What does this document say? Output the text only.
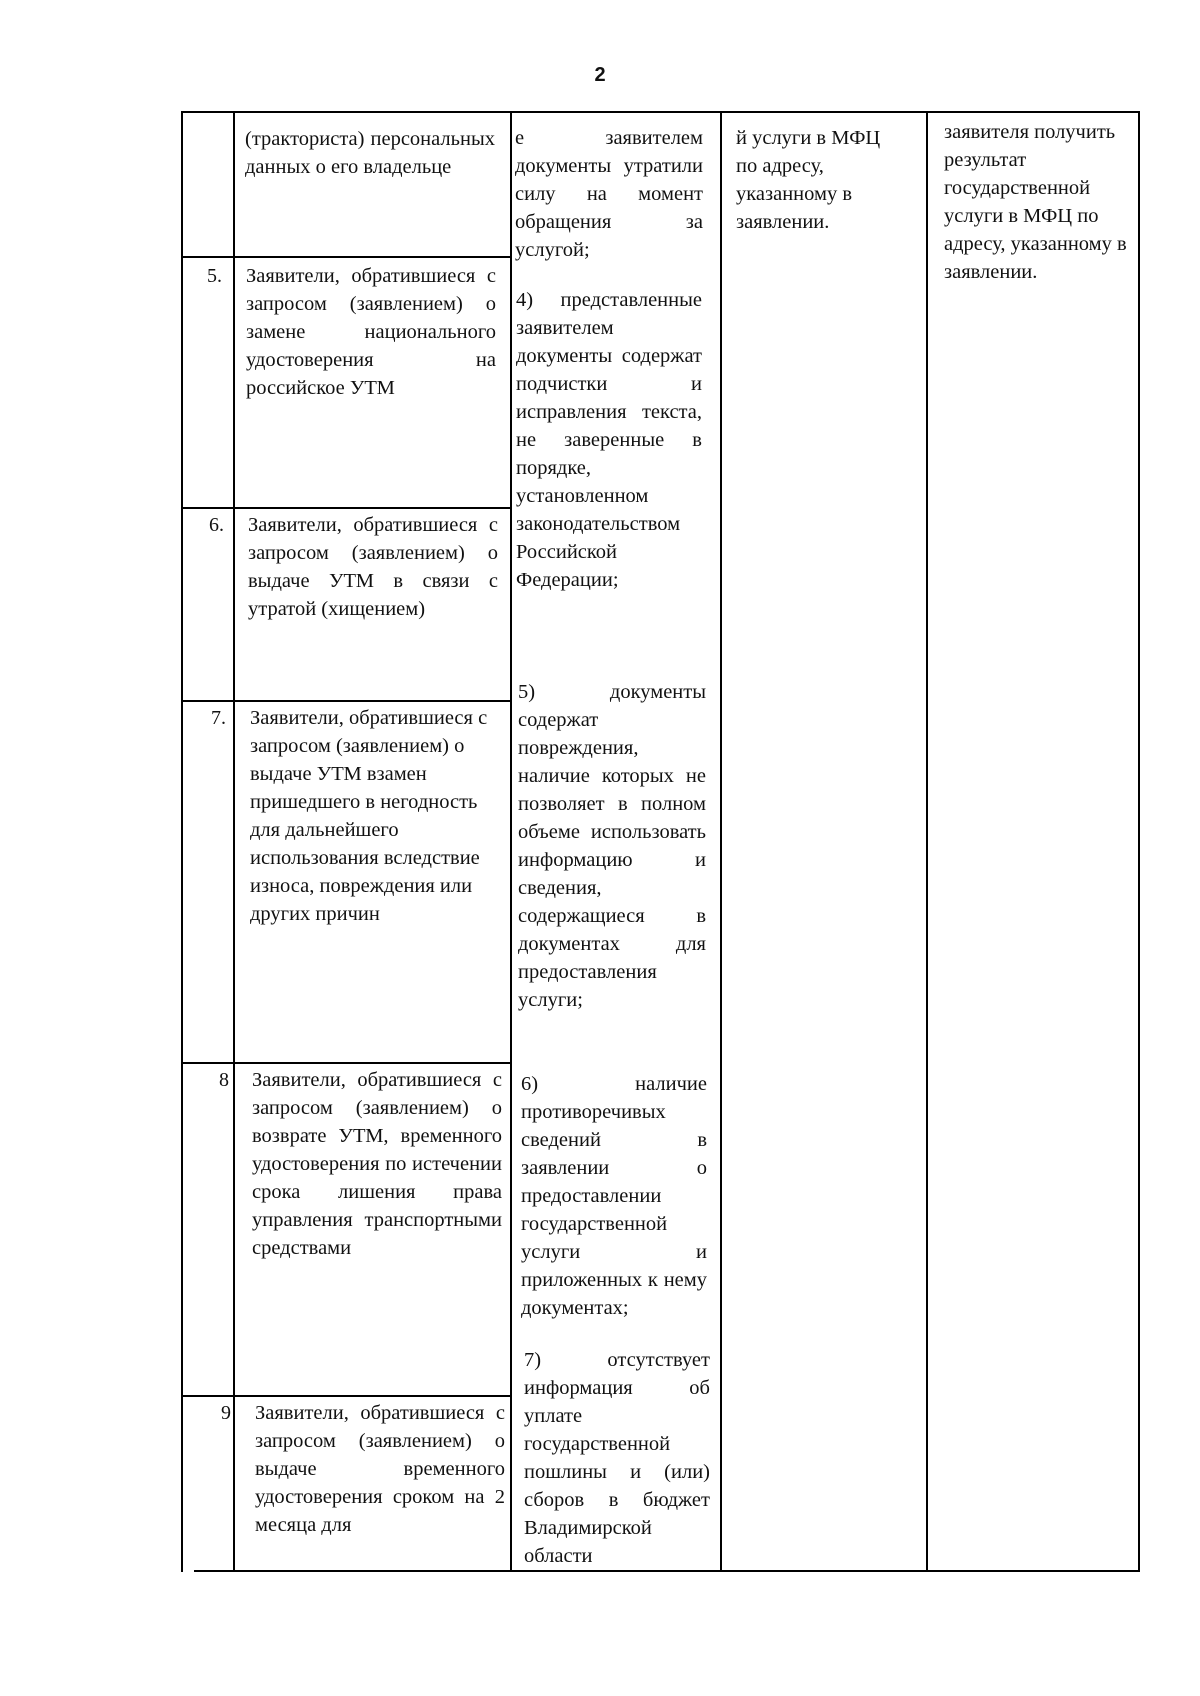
2
5.
6.
7.
8
9
(тракториста) персональных данных о его владельце
Заявители, обратившиеся с запросом (заявлением) о замене национального удостоверения на российское УТМ
Заявители, обратившиеся с запросом (заявлением) о выдаче УТМ в связи с утратой (хищением)
Заявители, обратившиеся с запросом (заявлением) о выдаче УТМ взамен пришедшего в негодность для дальнейшего использования вследствие износа, повреждения или других причин
Заявители, обратившиеся с запросом (заявлением) о возврате УТМ, временного удостоверения по истечении срока лишения права управления транспортными средствами
Заявители, обратившиеся с запросом (заявлением) о выдаче временного удостоверения сроком на 2 месяца для
е заявителем документы утратили силу на момент обращения за услугой;
4) представленные заявителем документы содержат подчистки и исправления текста, не заверенные в порядке, установленном законодательством Российской Федерации;
5) документы содержат повреждения, наличие которых не позволяет в полном объеме использовать информацию и сведения, содержащиеся в документах для предоставления услуги;
6) наличие противоречивых сведений в заявлении о предоставлении государственной услуги и приложенных к нему документах;
7) отсутствует информация об уплате государственной пошлины и (или) сборов в бюджет Владимирской области
й услуги в МФЦ по адресу, указанному в заявлении.
заявителя получить результат государственной услуги в МФЦ по адресу, указанному в заявлении.
